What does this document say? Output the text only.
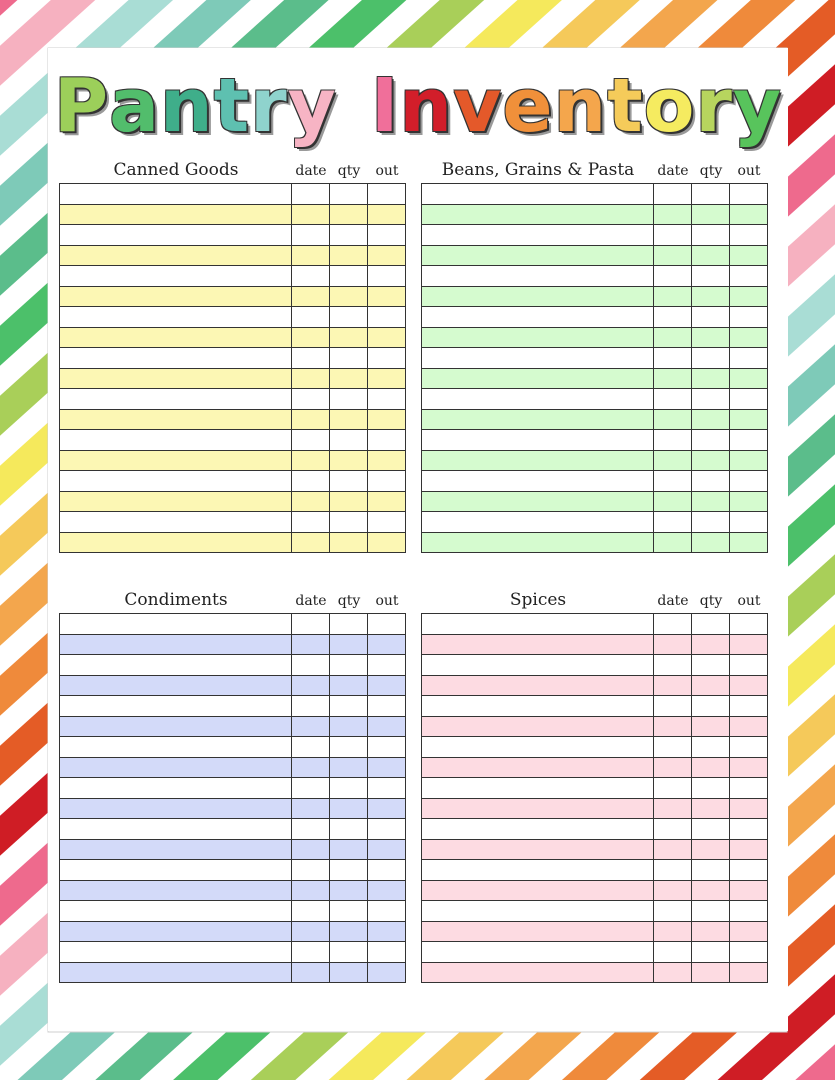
Pantry Inventory
Canned Goods	date qty	out

				Beans, Grains & Pasta	date qty	out

Condiments	date qty	out

				Spices	date qty	out
